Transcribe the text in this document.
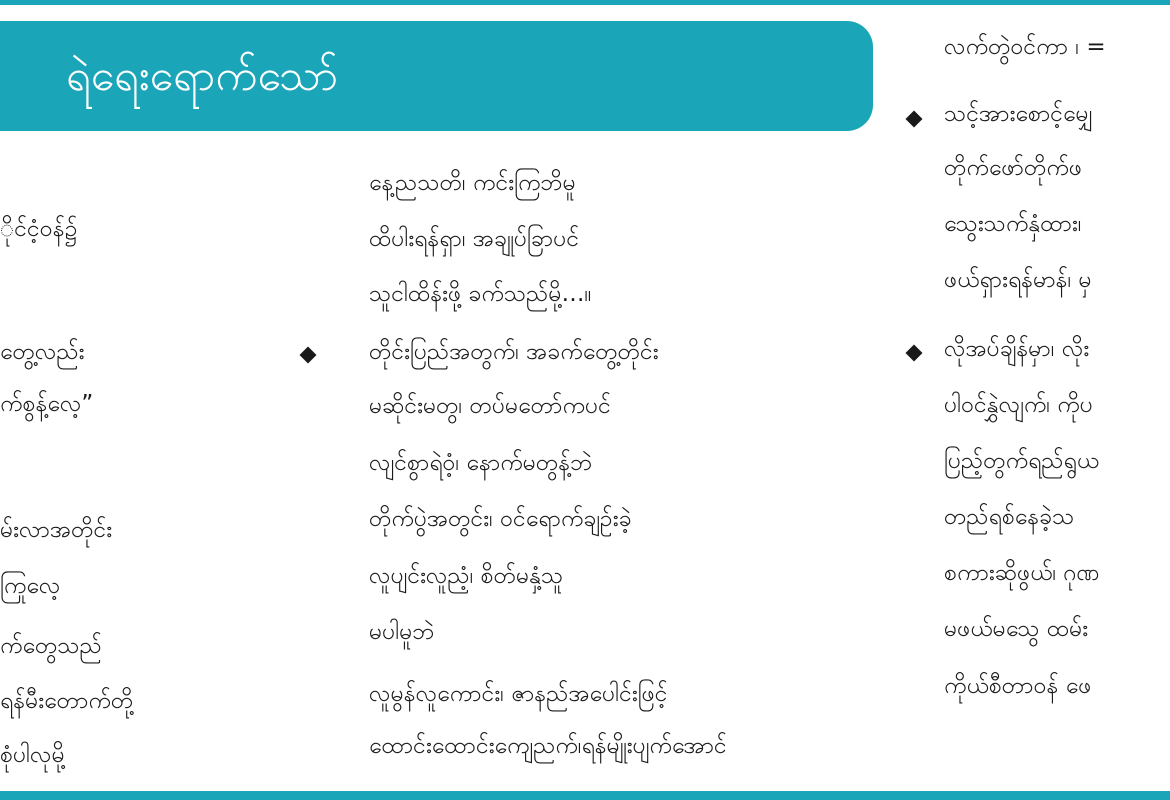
ရဲရေးရောက်သော်
ိုင်ငံ့ဝန်၌
တွေ့လည်း
က်စွန့်လေ့”
မ်းလာအတိုင်း
ကြုလေ့
က်တွေသည်
ရန်မီးတောက်တို့
စုံပါလုမို့
နေ့ညသတိ၊ ကင်းကြဘိမူ
ထိပါးရန်ရှာ၊ အချုပ်ခြာပင်
သူငါထိန်းဖို့ ခက်သည်မို့…။
တိုင်းပြည်အတွက်၊ အခက်တွေ့တိုင်း
မဆိုင်းမတွ၊ တပ်မတော်ကပင်
လျင်စွာရဲဝံ့၊ နောက်မတွန့်ဘဲ
တိုက်ပွဲအတွင်း၊ ဝင်ရောက်ချဉ်းခဲ့
လူပျင်းလူညံ့၊ စိတ်မနှံ့သူ
မပါမူဘဲ
လူမွန်လူကောင်း၊ ဇာနည်အပေါင်းဖြင့်
ထောင်းထောင်းကျေညက်၊ရန်မျိုးပျက်အောင်
လက်တွဲဝင်ကာ ၊ =
သင့်အားစောင့်မျှေ
တိုက်ဖော်တိုက်ဖ
သွေးသက်နှံထား၊
ဖယ်ရှားရန်မာန်၊ မှ
လိုအပ်ချိန်မှာ၊ လိုး
ပါဝင်နွှဲလျက်၊ ကိုပ
ပြည့်တွက်ရည်ရွယ
တည်ရစ်နေခဲ့သ
စကားဆိုဖွယ်၊ ဂုဏ
မဖယ်မသွေ ထမ်း
ကိုယ်စီတာဝန် ဖေ
